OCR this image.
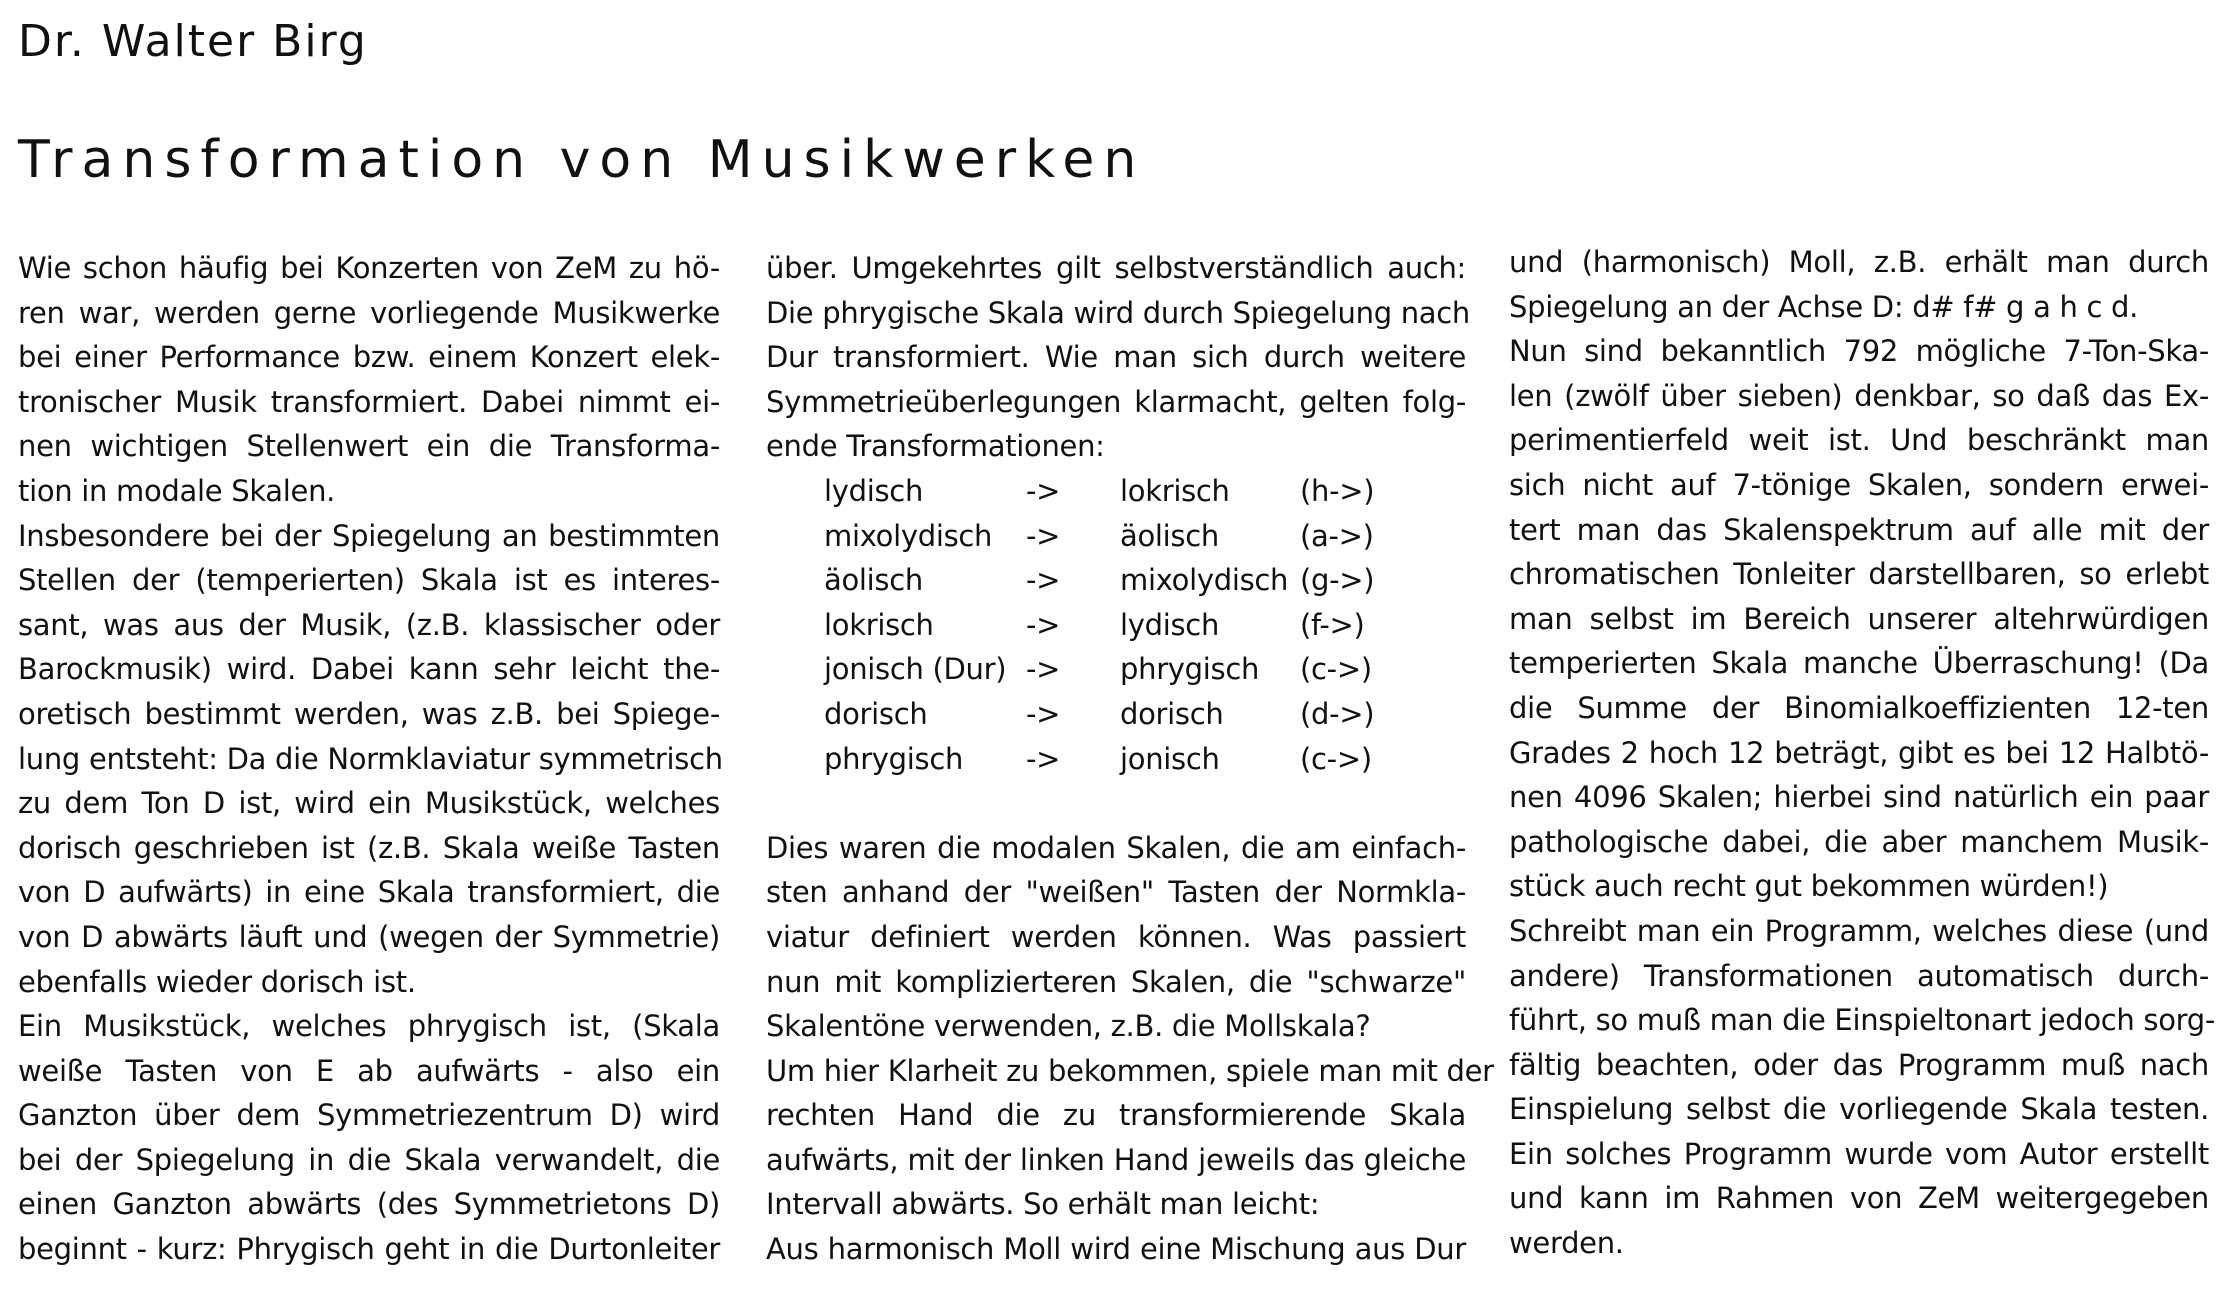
Dr. Walter Birg
Transformation von Musikwerken
Wie schon häufig bei Konzerten von ZeM zu hö-
ren war, werden gerne vorliegende Musikwerke
bei einer Performance bzw. einem Konzert elek-
tronischer Musik transformiert. Dabei nimmt ei-
nen wichtigen Stellenwert ein die Transforma-
tion in modale Skalen.
Insbesondere bei der Spiegelung an bestimmten
Stellen der (temperierten) Skala ist es interes-
sant, was aus der Musik, (z.B. klassischer oder
Barockmusik) wird. Dabei kann sehr leicht the-
oretisch bestimmt werden, was z.B. bei Spiege-
lung entsteht: Da die Normklaviatur symmetrisch
zu dem Ton D ist, wird ein Musikstück, welches
dorisch geschrieben ist (z.B. Skala weiße Tasten
von D aufwärts) in eine Skala transformiert, die
von D abwärts läuft und (wegen der Symmetrie)
ebenfalls wieder dorisch ist.
Ein Musikstück, welches phrygisch ist, (Skala
weiße Tasten von E ab aufwärts - also ein
Ganzton über dem Symmetriezentrum D) wird
bei der Spiegelung in die Skala verwandelt, die
einen Ganzton abwärts (des Symmetrietons D)
beginnt - kurz: Phrygisch geht in die Durtonleiter
über. Umgekehrtes gilt selbstverständlich auch:
Die phrygische Skala wird durch Spiegelung nach
Dur transformiert. Wie man sich durch weitere
Symmetrieüberlegungen klarmacht, gelten folg-
ende Transformationen:
lydisch	->	lokrisch	(h->)
mixolydisch	->	äolisch	(a->)
äolisch	->	mixolydisch	(g->)
lokrisch	->	lydisch	(f->)
jonisch (Dur)	->	phrygisch	(c->)
dorisch	->	dorisch	(d->)
phrygisch	->	jonisch	(c->)
Dies waren die modalen Skalen, die am einfach-
sten anhand der "weißen" Tasten der Normkla-
viatur definiert werden können. Was passiert
nun mit komplizierteren Skalen, die "schwarze"
Skalentöne verwenden, z.B. die Mollskala?
Um hier Klarheit zu bekommen, spiele man mit der
rechten Hand die zu transformierende Skala
aufwärts, mit der linken Hand jeweils das gleiche
Intervall abwärts. So erhält man leicht:
Aus harmonisch Moll wird eine Mischung aus Dur
und (harmonisch) Moll, z.B. erhält man durch
Spiegelung an der Achse D: d# f# g a h c d.
Nun sind bekanntlich 792 mögliche 7-Ton-Ska-
len (zwölf über sieben) denkbar, so daß das Ex-
perimentierfeld weit ist. Und beschränkt man
sich nicht auf 7-tönige Skalen, sondern erwei-
tert man das Skalenspektrum auf alle mit der
chromatischen Tonleiter darstellbaren, so erlebt
man selbst im Bereich unserer altehrwürdigen
temperierten Skala manche Überraschung! (Da
die Summe der Binomialkoeffizienten 12-ten
Grades 2 hoch 12 beträgt, gibt es bei 12 Halbtö-
nen 4096 Skalen; hierbei sind natürlich ein paar
pathologische dabei, die aber manchem Musik-
stück auch recht gut bekommen würden!)
Schreibt man ein Programm, welches diese (und
andere) Transformationen automatisch durch-
führt, so muß man die Einspieltonart jedoch sorg-
fältig beachten, oder das Programm muß nach
Einspielung selbst die vorliegende Skala testen.
Ein solches Programm wurde vom Autor erstellt
und kann im Rahmen von ZeM weitergegeben
werden.
